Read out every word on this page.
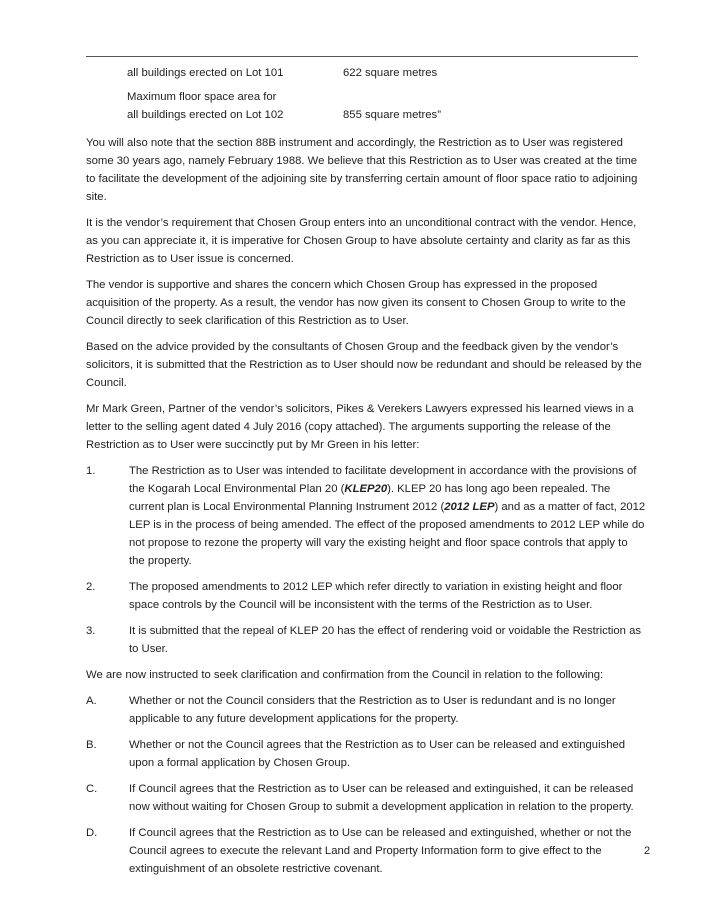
all buildings erected on Lot 101	622 square metres
Maximum floor space area for
all buildings erected on Lot 102	855 square metres”

You will also note that the section 88B instrument and accordingly, the Restriction as to User was registered some 30 years ago, namely February 1988. We believe that this Restriction as to User was created at the time to facilitate the development of the adjoining site by transferring certain amount of floor space ratio to adjoining site.

It is the vendor’s requirement that Chosen Group enters into an unconditional contract with the vendor. Hence, as you can appreciate it, it is imperative for Chosen Group to have absolute certainty and clarity as far as this Restriction as to User issue is concerned.

The vendor is supportive and shares the concern which Chosen Group has expressed in the proposed acquisition of the property. As a result, the vendor has now given its consent to Chosen Group to write to the Council directly to seek clarification of this Restriction as to User.

Based on the advice provided by the consultants of Chosen Group and the feedback given by the vendor’s solicitors, it is submitted that the Restriction as to User should now be redundant and should be released by the Council.

Mr Mark Green, Partner of the vendor’s solicitors, Pikes & Verekers Lawyers expressed his learned views in a letter to the selling agent dated 4 July 2016 (copy attached). The arguments supporting the release of the Restriction as to User were succinctly put by Mr Green in his letter:

1.	The Restriction as to User was intended to facilitate development in accordance with the provisions of the Kogarah Local Environmental Plan 20 (KLEP20). KLEP 20 has long ago been repealed. The current plan is Local Environmental Planning Instrument 2012 (2012 LEP) and as a matter of fact, 2012 LEP is in the process of being amended. The effect of the proposed amendments to 2012 LEP while do not propose to rezone the property will vary the existing height and floor space controls that apply to the property.
2.	The proposed amendments to 2012 LEP which refer directly to variation in existing height and floor space controls by the Council will be inconsistent with the terms of the Restriction as to User.
3.	It is submitted that the repeal of KLEP 20 has the effect of rendering void or voidable the Restriction as to User.

We are now instructed to seek clarification and confirmation from the Council in relation to the following:

A.	Whether or not the Council considers that the Restriction as to User is redundant and is no longer applicable to any future development applications for the property.
B.	Whether or not the Council agrees that the Restriction as to User can be released and extinguished upon a formal application by Chosen Group.
C.	If Council agrees that the Restriction as to User can be released and extinguished, it can be released now without waiting for Chosen Group to submit a development application in relation to the property.
D.	If Council agrees that the Restriction as to Use can be released and extinguished, whether or not the Council agrees to execute the relevant Land and Property Information form to give effect to the extinguishment of an obsolete restrictive covenant.
2
